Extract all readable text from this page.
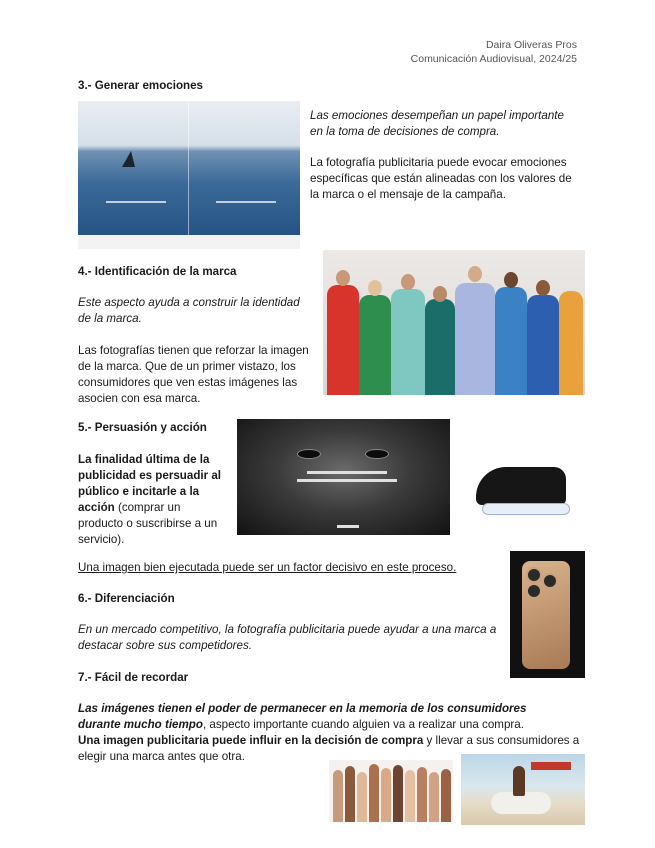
Daira Oliveras Pros
Comunicación Audiovisual, 2024/25
3.- Generar emociones

Las emociones desempeñan un papel importante en la toma de decisiones de compra.

La fotografía publicitaria puede evocar emociones específicas que están alineadas con los valores de la marca o el mensaje de la campaña.

4.- Identificación de la marca

Este aspecto ayuda a construir la identidad de la marca.

Las fotografías tienen que reforzar la imagen de la marca. Que de un primer vistazo, los consumidores que ven estas imágenes las asocien con esa marca.

5.- Persuasión y acción

La finalidad última de la publicidad es persuadir al público e incitarle a la acción (comprar un producto o suscribirse a un servicio).

Una imagen bien ejecutada puede ser un factor decisivo en este proceso.

6.- Diferenciación

En un mercado competitivo, la fotografía publicitaria puede ayudar a una marca a destacar sobre sus competidores.

7.- Fácil de recordar

Las imágenes tienen el poder de permanecer en la memoria de los consumidores durante mucho tiempo, aspecto importante cuando alguien va a realizar una compra.

Una imagen publicitaria puede influir en la decisión de compra y llevar a sus consumidores a elegir una marca antes que otra.
